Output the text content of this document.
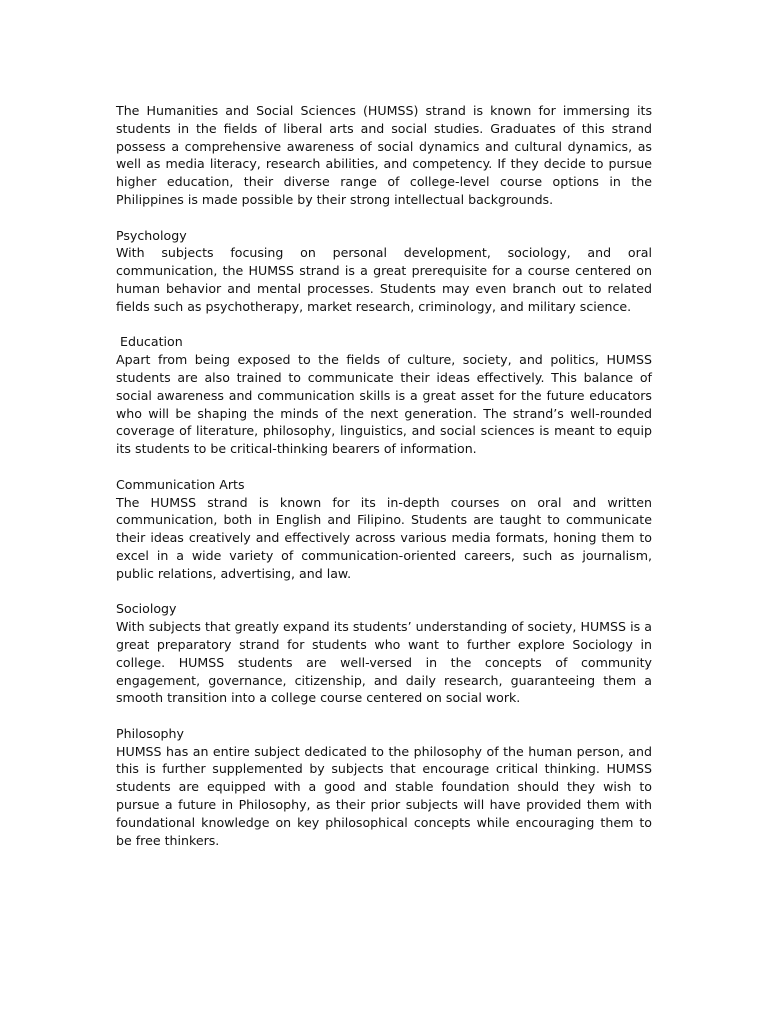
The Humanities and Social Sciences (HUMSS) strand is known for immersing its students in the fields of liberal arts and social studies. Graduates of this strand possess a comprehensive awareness of social dynamics and cultural dynamics, as well as media literacy, research abilities, and competency. If they decide to pursue higher education, their diverse range of college-level course options in the Philippines is made possible by their strong intellectual backgrounds.

Psychology

With subjects focusing on personal development, sociology, and oral communication, the HUMSS strand is a great prerequisite for a course centered on human behavior and mental processes. Students may even branch out to related fields such as psychotherapy, market research, criminology, and military science.

Education

Apart from being exposed to the fields of culture, society, and politics, HUMSS students are also trained to communicate their ideas effectively. This balance of social awareness and communication skills is a great asset for the future educators who will be shaping the minds of the next generation. The strand’s well-rounded coverage of literature, philosophy, linguistics, and social sciences is meant to equip its students to be critical-thinking bearers of information.

Communication Arts

The HUMSS strand is known for its in-depth courses on oral and written communication, both in English and Filipino. Students are taught to communicate their ideas creatively and effectively across various media formats, honing them to excel in a wide variety of communication-oriented careers, such as journalism, public relations, advertising, and law.

Sociology

With subjects that greatly expand its students’ understanding of society, HUMSS is a great preparatory strand for students who want to further explore Sociology in college. HUMSS students are well-versed in the concepts of community engagement, governance, citizenship, and daily research, guaranteeing them a smooth transition into a college course centered on social work.

Philosophy

HUMSS has an entire subject dedicated to the philosophy of the human person, and this is further supplemented by subjects that encourage critical thinking. HUMSS students are equipped with a good and stable foundation should they wish to pursue a future in Philosophy, as their prior subjects will have provided them with foundational knowledge on key philosophical concepts while encouraging them to be free thinkers.
